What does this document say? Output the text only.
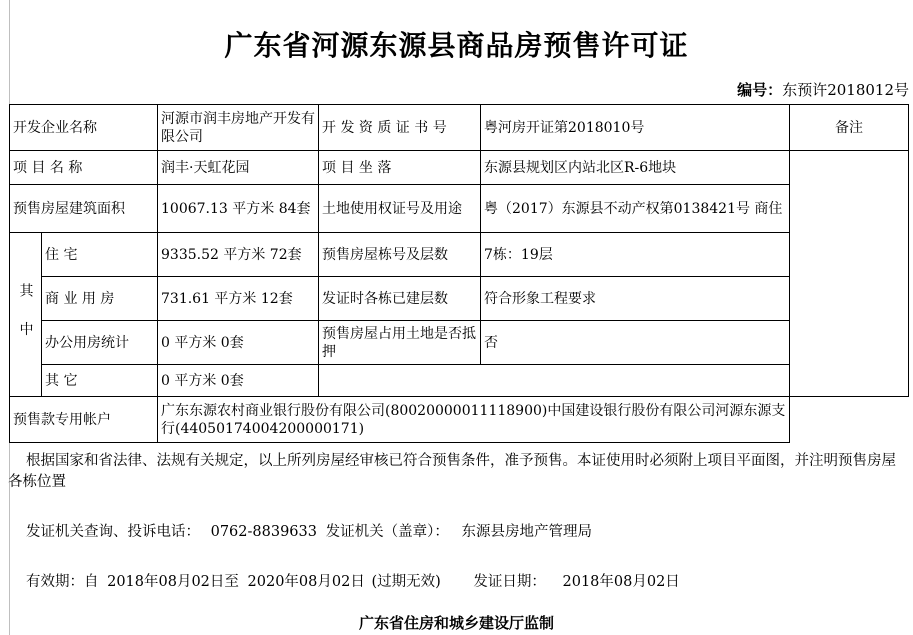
广东省河源东源县商品房预售许可证
编号：东预许2018012号
开发企业名称		河源市润丰房地产开发有限公司	开 发 资 质 证 书 号	粤河房开证第2018010号	备注
项 目 名 称		润丰·天虹花园	项 目 坐 落	东源县规划区内站北区R-6地块	
预售房屋建筑面积		10067.13 平方米 84套	土地使用权证号及用途	粤（2017）东源县不动产权第0138421号 商住	
其 中	住 宅	9335.52 平方米 72套	预售房屋栋号及层数	7栋：19层	
	商 业 用 房	731.61 平方米 12套	发证时各栋已建层数	符合形象工程要求	
	办公用房统计	0 平方米 0套	预售房屋占用土地是否抵押	否	
	其 它	0 平方米 0套			
预售款专用帐户		广东东源农村商业银行股份有限公司(80020000011118900)中国建设银行股份有限公司河源东源支行(44050174004200000171)			
根据国家和省法律、法规有关规定，以上所列房屋经审核已符合预售条件，准予预售。本证使用时必须附上项目平面图，并注明预售房屋各栋位置
发证机关查询、投诉电话： 0762-8839633 发证机关（盖章）： 东源县房地产管理局
有效期：自 2018年08月02日至 2020年08月02日 (过期无效) 发证日期： 2018年08月02日
广东省住房和城乡建设厅监制
